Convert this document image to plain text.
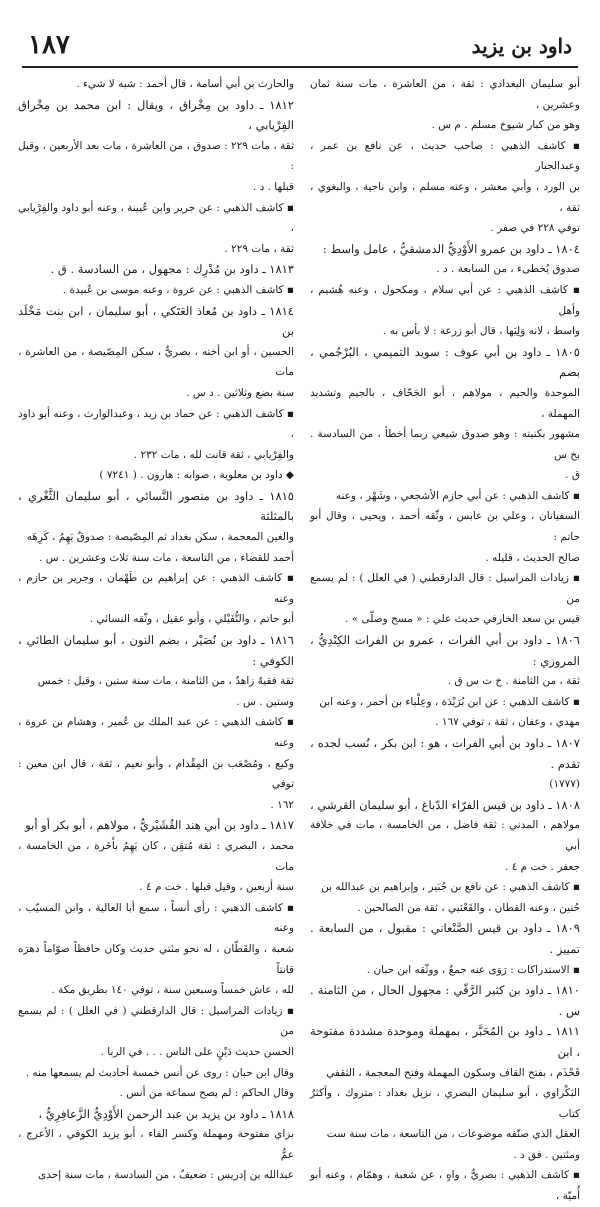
١٨٧	داود بن يزيد

أبو سليمان البغدادي : ثقة ، من العاشرة ، مات سنة ثمان وعشرين ،

وهو من كبار شيوخ مسلم . م س .

▪ كاشف الذهبي : صاحب حديث ، عن نافع بن عمر ، وعبدالجبار

بن الورد ، وأبي معشر ، وعنه مسلم ، وابن ناجية ، والبغوي ، ثقة ،

توفي ٢٢٨ في صفر .

١٨٠٤ ـ داود بن عمرو الأَوْدِيُّ الدمشقيُّ ، عامل واسط :

صدوق يُخطىء ، من السابعة . د .

▪ كاشف الذهبي : عن أبي سلام ، ومكحول ، وعنه هُشيم ، وأهل

واسط ، لانه وَلِيَها ، قال أبو زرعة : لا بأس به .

١٨٠٥ ـ داود بن أبي عوف : سويد التميمي ، البُرْجُمي ، بضم

الموحدة والجيم ، مولاهم ، أبو الجَحّاف ، بالجيم وتشديد المهملة ،

مشهور بكنيته : وهو صدوق شيعي ربما أخطأ ، من السادسة . بخ س

ق .

▪ كاشف الذهبي : عن أبي حازم الأشجعي ، وشَهْر ، وعنه

السفيانان ، وعلي بن عابس ، وثّقه أحمد ، ويحيى ، وقال أبو حاتم :

صالح الحديث ، قليله .

▪ زيادات المراسيل : قال الدارقطني ( في العلل ) : لم يسمع من

قيس بن سعد الخارفي حديث علي : « مسح وصلّى » .

١٨٠٦ ـ داود بن أبي الفرات ، عمرو بن الفرات الكِنْدِيُّ ، المروزي :

ثقة ، من الثامنة . خ ت س ق .

▪ كاشف الذهبي : عن ابن بُرَيْدَة ، وعِلْباء بن أحمر ، وعنه ابن

مهدي ، وعفان ، ثقة ، توفي ١٦٧ .

١٨٠٧ ـ داود بن أبي الفرات ، هو : ابن بكر ، نُسب لجده ، تقدم .

(١٧٧٧)

١٨٠٨ ـ داود بن قيس الفرّاء الدّباغ ، أبو سليمان القرشي ،

مولاهم ، المدني : ثقة فاضل ، من الخامسة ، مات في خلافة أبي

جعفر . خت م ٤ .

▪ كاشف الذهبي : عن نافع بن جُبَير ، وإبراهيم بن عبدالله بن

حُنين ، وعنه القطان ، والقَعْنَبي ، ثقة من الصالحين .

١٨٠٩ ـ داود بن قيس الصَّنْعاني : مقبول ، من السابعة . تمييز .

▪ الاستدراكات : رَوَى عنه جمعٌ ، ووثّقه ابن حبان .

١٨١٠ ـ داود بن كثير الرَّقّي : مجهول الحال ، من الثامنة . س .

١٨١١ ـ داود بن المُحَبَّر ، بمهملة وموحدة مشددة مفتوحة ، ابن

قَحْذَم ، بفتح القاف وسكون المهملة وفتح المعجمة ، الثقفي

البَكْراوي ، أبو سليمان البصري ، نزيل بغداد : متروك ، وأكثرُ كتاب

العقل الذي صنّفه موضوعات ، من التاسعة ، مات سنة ست

ومئتين . فق د .

▪ كاشف الذهبي : بصريٌّ ، واهٍ ، عن شعبة ، وهمّام ، وعنه أبو أُميّة ،

والحارث بن أبي أسامة ، قال أحمد : شبه لا شيء .

١٨١٢ ـ داود بن مِخْراق ، ويقال : ابن محمد بن مِخْراق الفِرْيابي ،

ثقة ، مات ٢٢٩ : صدوق ، من العاشرة ، مات بعد الأربعين ، وقيل :

قبلها . د .

▪ كاشف الذهبي : عن جرير وابن عُيينة ، وعنه أبو داود والفِرْيابي ،

ثقة ، مات ٢٢٩ .

١٨١٣ ـ داود بن مُدْرِك : مجهول ، من السادسة . ق .

▪ كاشف الذهبي : عن عروة ، وعنه موسى بن عُبيدة .

١٨١٤ ـ داود بن مُعاذ العَتَكي ، أبو سليمان ، ابن بنت مَخْلَد بن

الحسين ، أو ابن أخته ، بصريٌّ ، سكن المِصّيصة ، من العاشرة ، مات

سنة بضع وثلاثين . د س .

▪ كاشف الذهبي : عن حماد بن زيد ، وعبدالوارث ، وعنه أبو داود ،

والفِرْيابي ، ثقة قانت لله ، مات ٢٣٢ .

◆ داود بن معلوية ، صوابه : هارون . ( ٧٢٤١ )

١٨١٥ ـ داود بن منصور النَّسائي ، أبو سليمان الثَّغْري ، بالمثلثة

والغين المعجمة ، سكن بغداد ثم المِصّيصة : صدوقٌ يَهِمُ ، كَرِهَه

أحمد للقضاء ، من التاسعة ، مات سنة ثلاث وعشرين . س .

▪ كاشف الذهبي : عن إبراهيم بن طَهْمان ، وجرير بن حازم ، وعنه

أبو حاتم ، والنُّفَيْلي ، وأبو عقيل ، وثّقه النسائي .

١٨١٦ ـ داود بن نُصَيْر ، بضم النون ، أبو سليمان الطائي ، الكوفي :

ثقة فقيهٌ زاهدٌ ، من الثامنة ، مات سنة ستين ، وقيل : خمس

وستين . س .

▪ كاشف الذهبي : عن عبد الملك بن عُمير ، وهشام بن عروة ، وعنه

وكيع ، ومُصْعَب بن المِقْدام ، وأبو نعيم ، ثقة ، قال ابن معين : توفي

١٦٢ .

١٨١٧ ـ داود بن أبي هند القُشَيْريُّ ، مولاهم ، أبو بكر أو أبو

محمد ، البصري : ثقة مُتقِن ، كان يَهِمُ بأَخَرة ، من الخامسة ، مات

سنة أربعين ، وقيل قبلها . خت م ٤ .

▪ كاشف الذهبي : رأى أنساً ، سمع أبا العالية ، وابن المسيّب ، وعنه

شعبة ، والقَطّان ، له نحو مئتي حديث وكان حافظاً صوّاماً دهرَه قانتاً

لله ، عاش خمساً وسبعين سنة ، توفي ١٤٠ بطريق مكة .

▪ زيادات المراسيل : قال الدارقطني ( في العلل ) : لم يسمع من

الحسن حديث دَيْنٍ على الناس . . . في الربا .

وقال ابن حبان : روى عن أنس خمسة أحاديث لم يسمعها منه .

وقال الحاكم : لم يصح سماعه من أنس .

١٨١٨ ـ داود بن يزيد بن عبد الرحمن الأَوْدِيُّ الزَّعافِرِيُّ ،

بزاي مفتوحة ومهملة وكسر الفاء ، أبو يزيد الكوفي ، الأعرج ، عمُّ

عبدالله بن إدريس : ضعيفٌ ، من السادسة ، مات سنة إحدى
